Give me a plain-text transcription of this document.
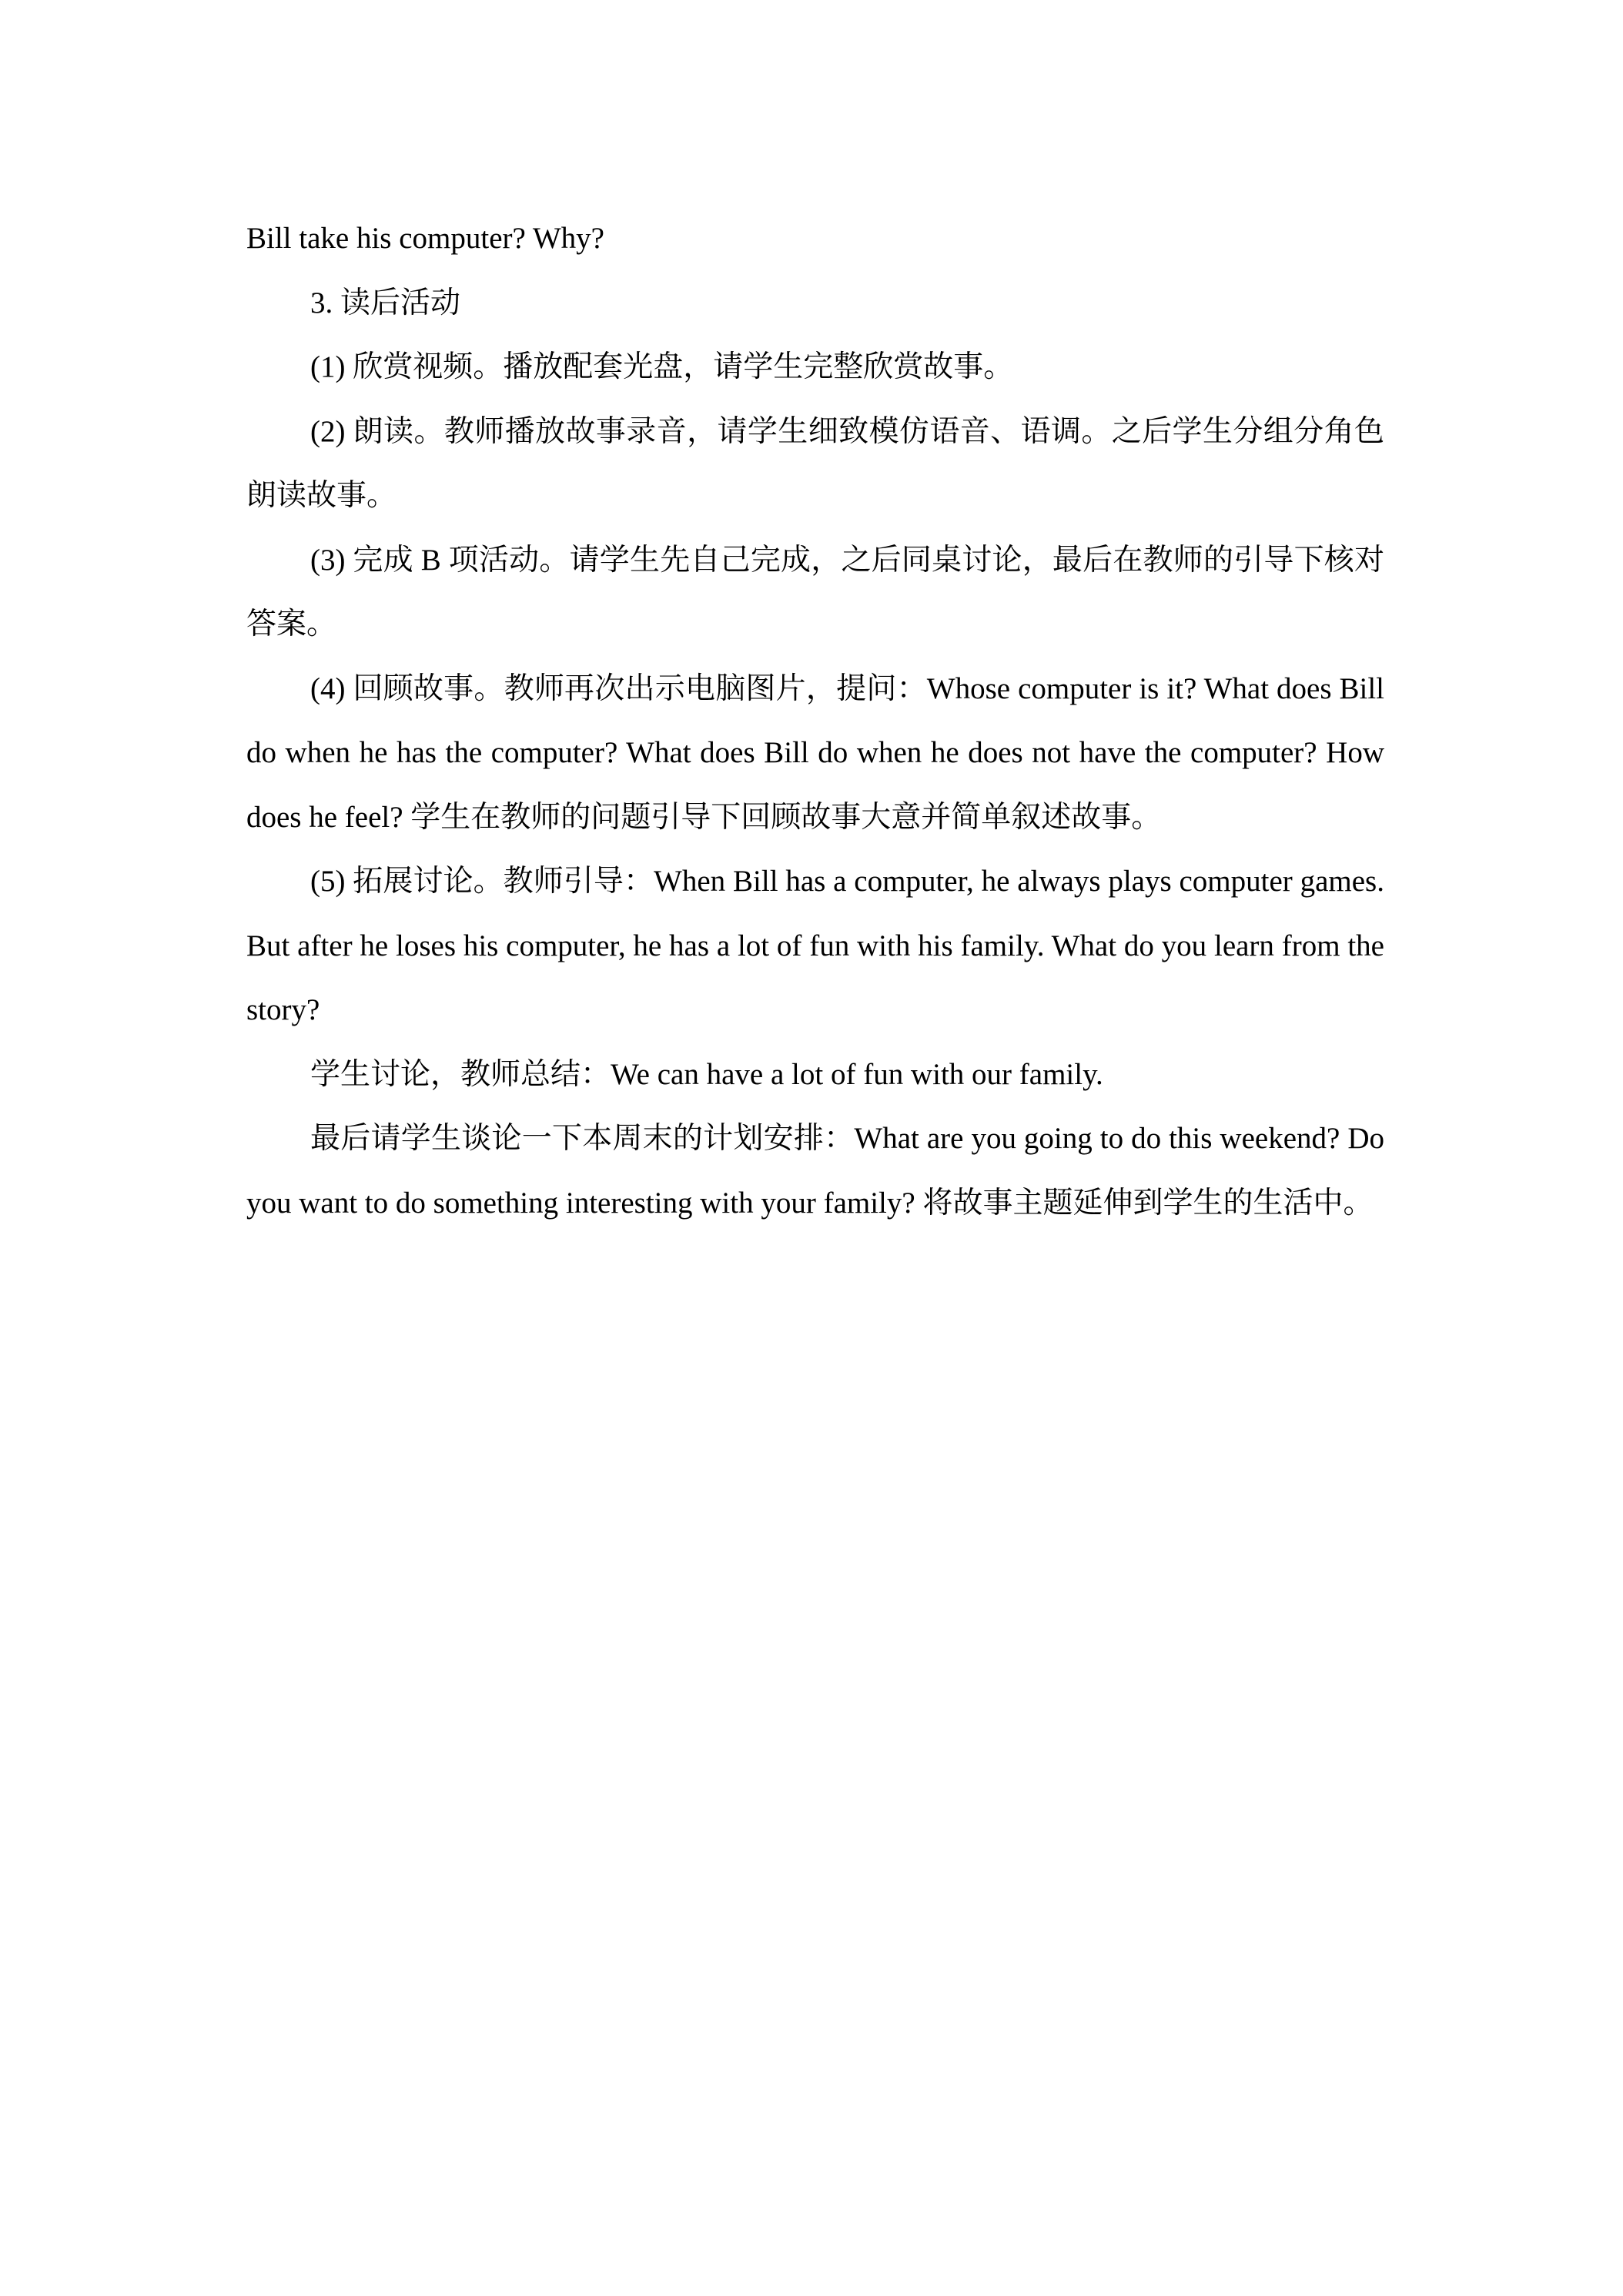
Bill take his computer? Why?

3. 读后活动

(1) 欣赏视频。播放配套光盘，请学生完整欣赏故事。

(2) 朗读。教师播放故事录音，请学生细致模仿语音、语调。之后学生分组分角色朗读故事。

(3) 完成 B 项活动。请学生先自己完成，之后同桌讨论，最后在教师的引导下核对答案。

(4) 回顾故事。教师再次出示电脑图片，提问：Whose computer is it? What does Bill do when he has the computer? What does Bill do when he does not have the computer? How does he feel? 学生在教师的问题引导下回顾故事大意并简单叙述故事。

(5) 拓展讨论。教师引导：When Bill has a computer, he always plays computer games. But after he loses his computer, he has a lot of fun with his family. What do you learn from the story?

学生讨论，教师总结：We can have a lot of fun with our family.

最后请学生谈论一下本周末的计划安排：What are you going to do this weekend? Do you want to do something interesting with your family? 将故事主题延伸到学生的生活中。
